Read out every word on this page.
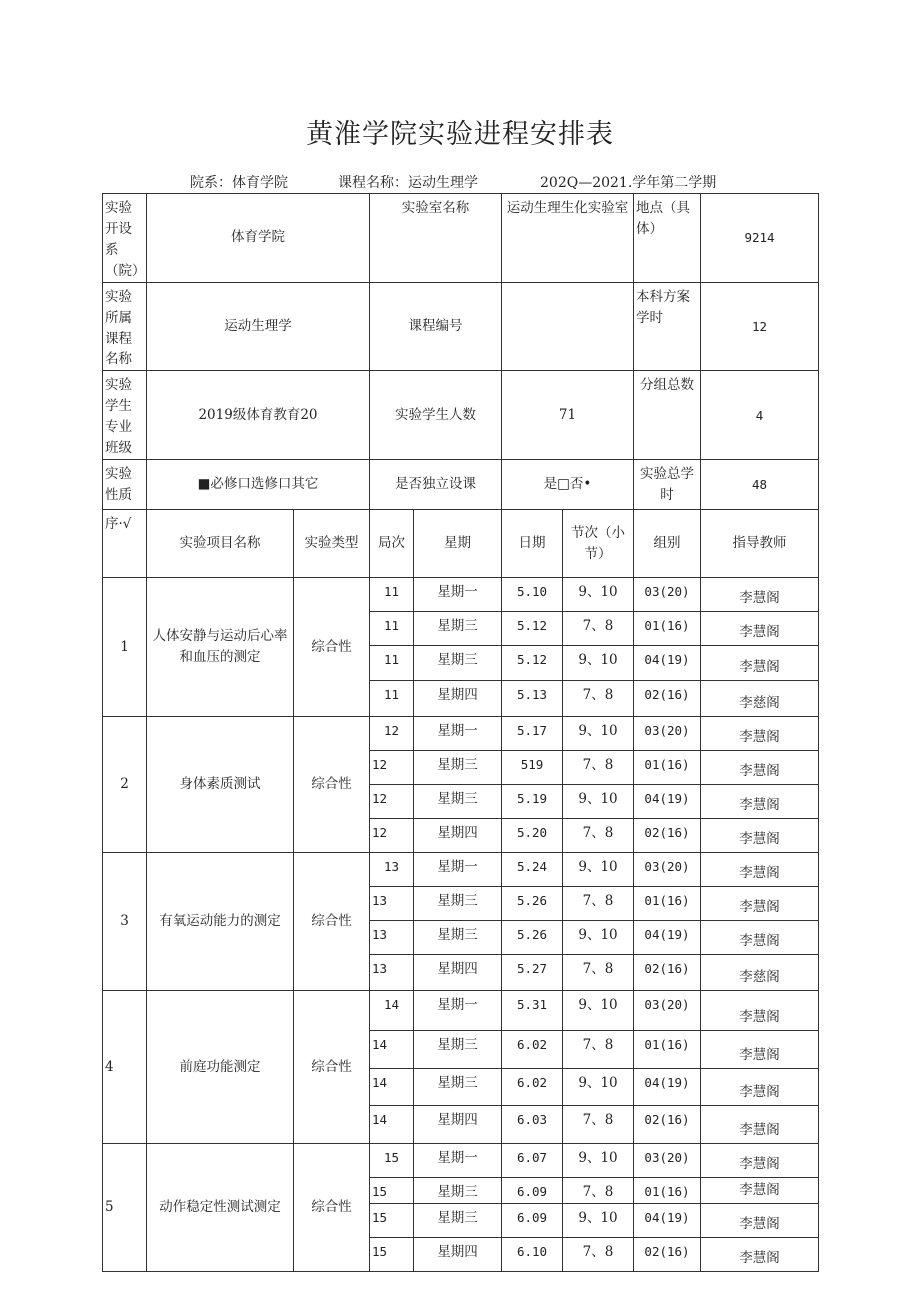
黄淮学院实验进程安排表
院系：体育学院	课程名称：运动生理学	202Q—2021.学年第二学期
实验开设系（院）	体育学院		实验室名称		运动生理生化实验室		地点（具体）	9214
实验所属课程名称	运动生理学		课程编号				本科方案学时	12
实验学生专业班级	2019级体育教育20		实验学生人数		71		分组总数	4
实验性质	■必修口选修口其它		是否独立设课		是□否•		实验总学时	48
序·√	实验项目名称	实验类型	局次	星期	日期	节次（小节）	组别	指导教师
1	人体安静与运动后心率和血压的测定	综合性	11	星期一	5.10	9、10	03(20)	李慧阁
			11	星期三	5.12	7、8	01(16)	李慧阁
			11	星期三	5.12	9、10	04(19)	李慧阁
			11	星期四	5.13	7、8	02(16)	李慈阁
2	身体素质测试	综合性	12	星期一	5.17	9、10	03(20)	李慧阁
			12	星期三	519	7、8	01(16)	李慧阁
			12	星期三	5.19	9、10	04(19)	李慧阁
			12	星期四	5.20	7、8	02(16)	李慧阁
3	有氧运动能力的测定	综合性	13	星期一	5.24	9、10	03(20)	李慧阁
			13	星期三	5.26	7、8	01(16)	李慧阁
			13	星期三	5.26	9、10	04(19)	李慧阁
			13	星期四	5.27	7、8	02(16)	李慈阁
4	前庭功能测定	综合性	14	星期一	5.31	9、10	03(20)	李慧阁
			14	星期三	6.02	7、8	01(16)	李慧阁
			14	星期三	6.02	9、10	04(19)	李慧阁
			14	星期四	6.03	7、8	02(16)	李慧阁
5	动作稳定性测试测定	综合性	15	星期一	6.07	9、10	03(20)	李慧阁
			15	星期三	6.09	7、8	01(16)	李慧阁
			15	星期三	6.09	9、10	04(19)	李慧阁
			15	星期四	6.10	7、8	02(16)	李慧阁
